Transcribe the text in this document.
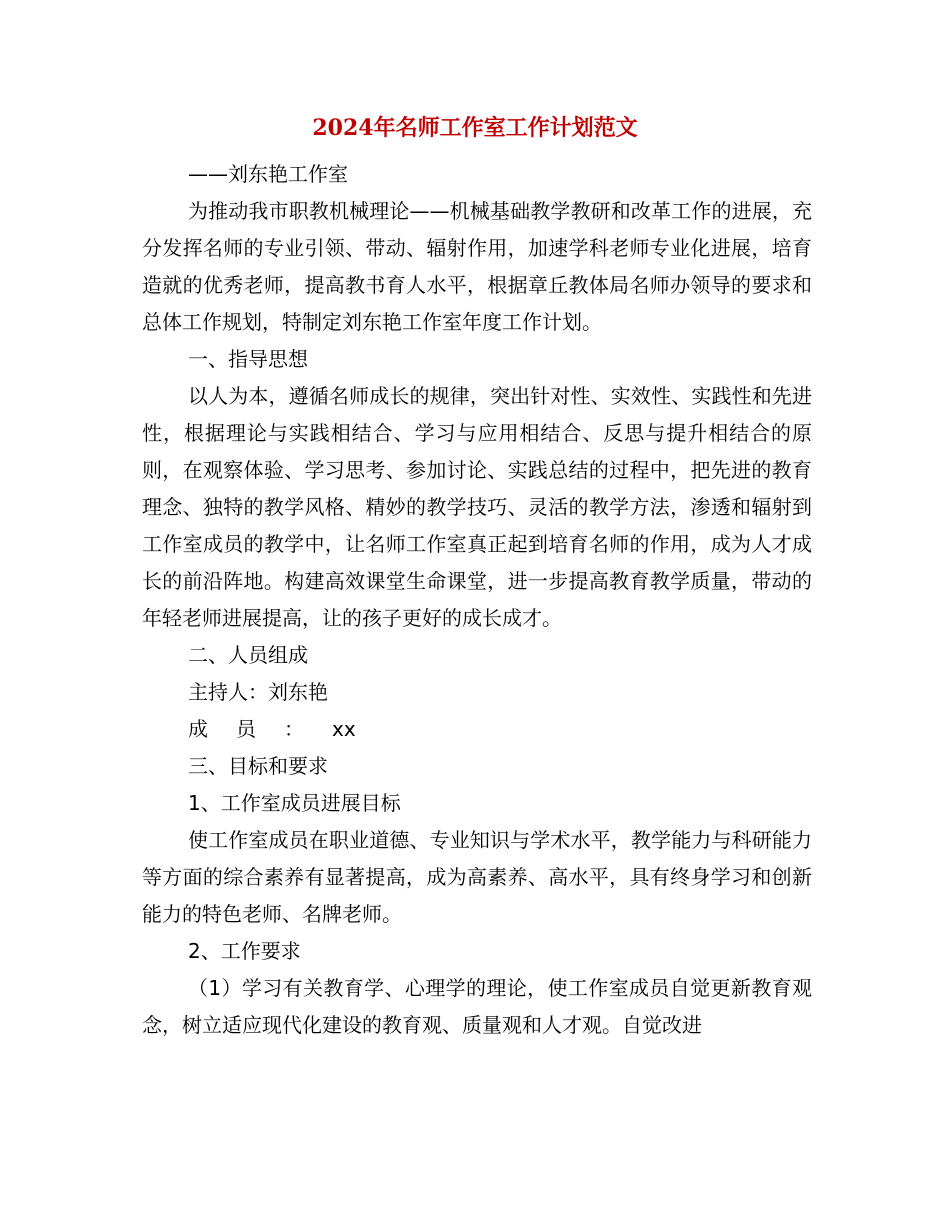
2024年名师工作室工作计划范文

——刘东艳工作室

为推动我市职教机械理论——机械基础教学教研和改革工作的进展，充分发挥名师的专业引领、带动、辐射作用，加速学科老师专业化进展，培育造就的优秀老师，提高教书育人水平，根据章丘教体局名师办领导的要求和总体工作规划，特制定刘东艳工作室年度工作计划。

一、指导思想

以人为本，遵循名师成长的规律，突出针对性、实效性、实践性和先进性，根据理论与实践相结合、学习与应用相结合、反思与提升相结合的原则，在观察体验、学习思考、参加讨论、实践总结的过程中，把先进的教育理念、独特的教学风格、精妙的教学技巧、灵活的教学方法，渗透和辐射到工作室成员的教学中，让名师工作室真正起到培育名师的作用，成为人才成长的前沿阵地。构建高效课堂生命课堂，进一步提高教育教学质量，带动的年轻老师进展提高，让的孩子更好的成长成才。

二、人员组成

主持人：刘东艳

成员：xx

三、目标和要求

1、工作室成员进展目标

使工作室成员在职业道德、专业知识与学术水平，教学能力与科研能力等方面的综合素养有显著提高，成为高素养、高水平，具有终身学习和创新能力的特色老师、名牌老师。

2、工作要求

（1）学习有关教育学、心理学的理论，使工作室成员自觉更新教育观念，树立适应现代化建设的教育观、质量观和人才观。自觉改进
